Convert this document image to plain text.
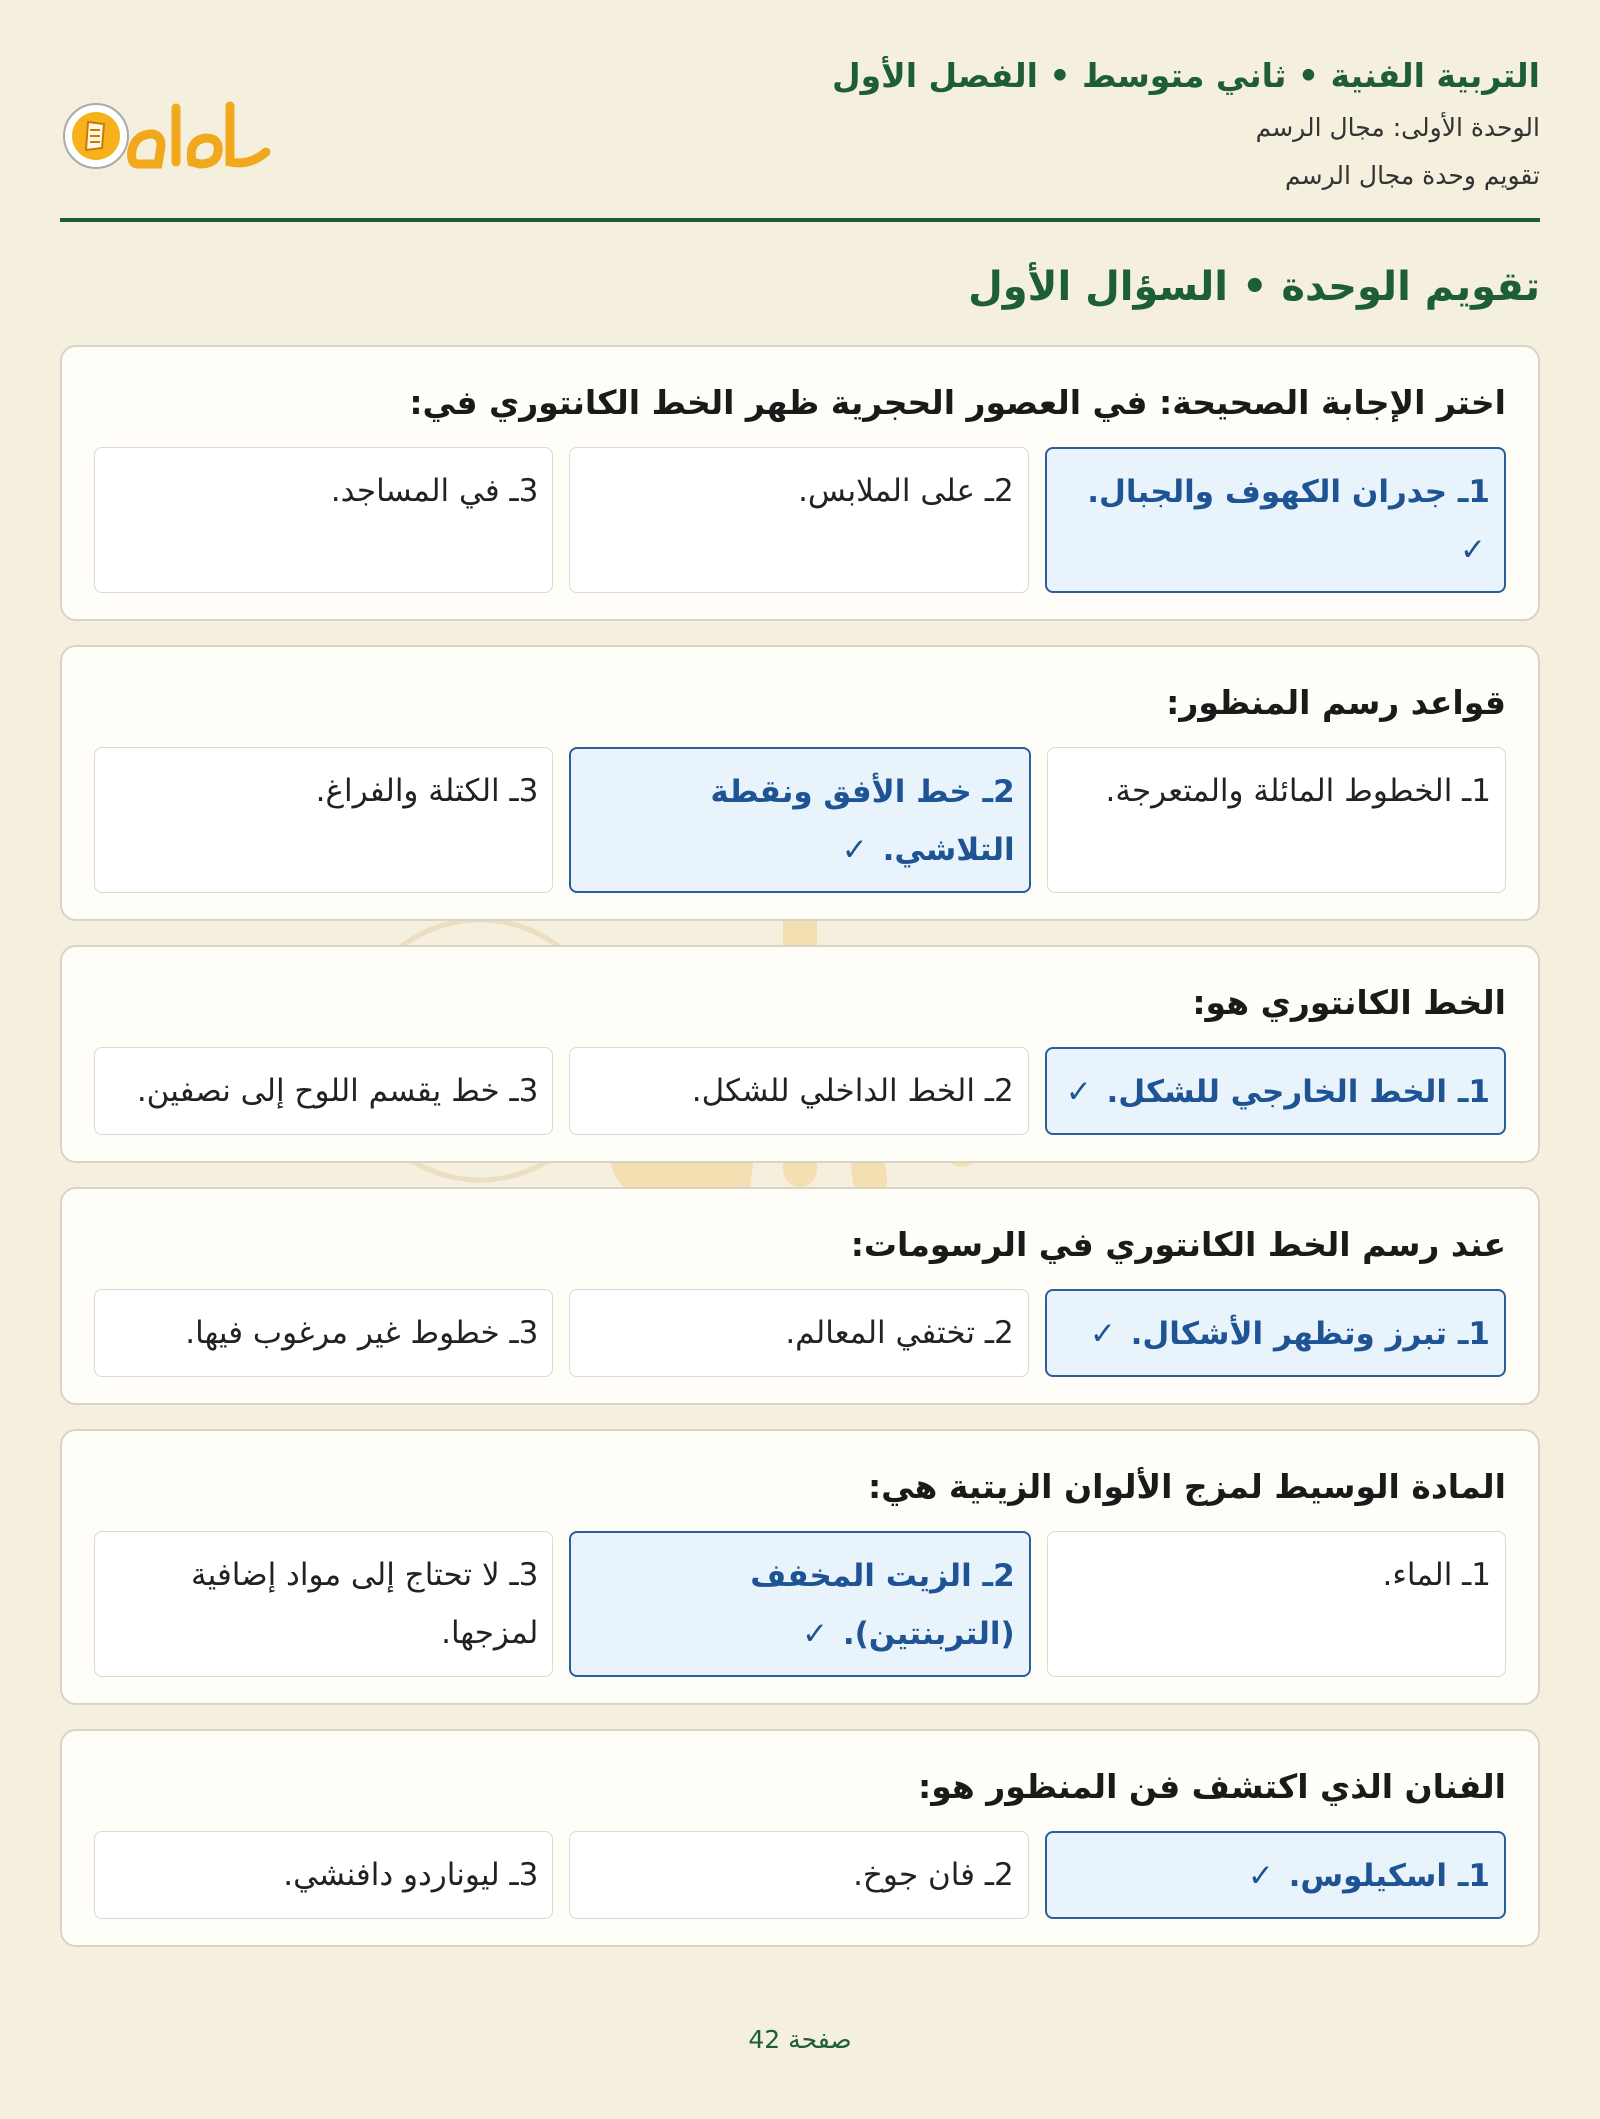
التربية الفنية • ثاني متوسط • الفصل الأول
الوحدة الأولى: مجال الرسم
تقويم وحدة مجال الرسم
تقويم الوحدة • السؤال الأول
اختر الإجابة الصحيحة: في العصور الحجرية ظهر الخط الكانتوري في:
1ـ جدران الكهوف والجبال. ✓
2ـ على الملابس.
3ـ في المساجد.
قواعد رسم المنظور:
1ـ الخطوط المائلة والمتعرجة.
2ـ خط الأفق ونقطة التلاشي. ✓
3ـ الكتلة والفراغ.
الخط الكانتوري هو:
1ـ الخط الخارجي للشكل. ✓
2ـ الخط الداخلي للشكل.
3ـ خط يقسم اللوح إلى نصفين.
عند رسم الخط الكانتوري في الرسومات:
1ـ تبرز وتظهر الأشكال. ✓
2ـ تختفي المعالم.
3ـ خطوط غير مرغوب فيها.
المادة الوسيط لمزج الألوان الزيتية هي:
1ـ الماء.
2ـ الزيت المخفف (التربنتين). ✓
3ـ لا تحتاج إلى مواد إضافية لمزجها.
الفنان الذي اكتشف فن المنظور هو:
1ـ اسكيلوس. ✓
2ـ فان جوخ.
3ـ ليوناردو دافنشي.
صفحة 42
